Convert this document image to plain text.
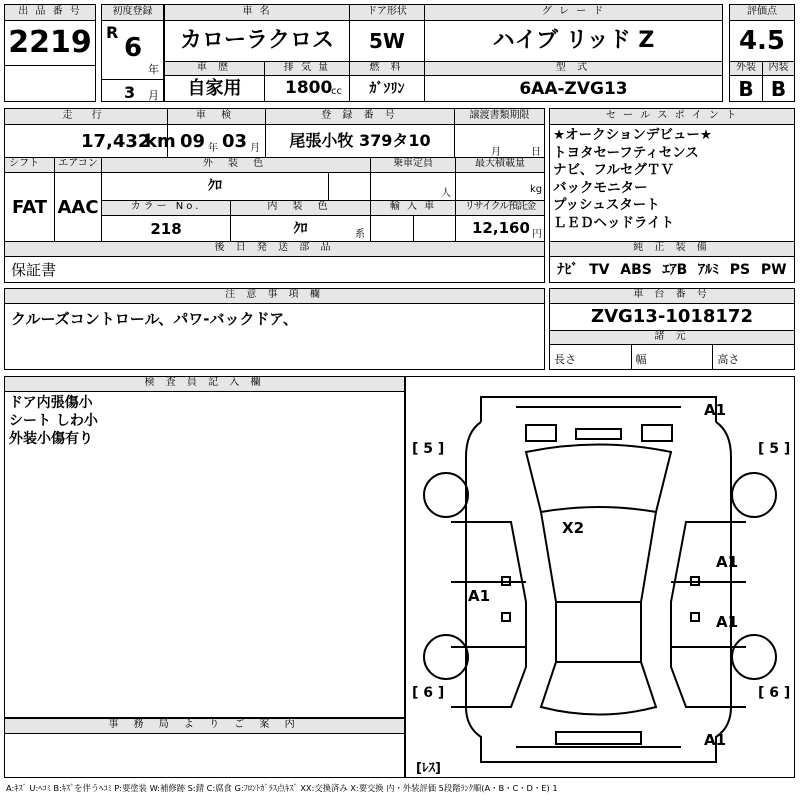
出 品 番 号
2219
初度登録
R
6
年
3 月
車 名
カローラクロス
ドア形状
5W
グ レ ー ド
ハイブ リッド Z
評価点
4.5
車 歴
自家用
排 気 量
1800
cc
燃 料
ｶﾞｿﾘﾝ
型 式
6AA-ZVG13
外装
B
内装
B
走 行
17,432
km
車 検
09 年 03 月
登 録 番 号
尾張小牧 379タ10
譲渡書類期限
月	日
シフト
FAT
エアコン
AAC
外 装 色
ｸﾛ
乗車定員
人
最大積載量
kg
カラー No.
218
内 装 色
ｸﾛ	系
輸 入 車	リサイクル預託金
12,160 円
後 日 発 送 部 品
保証書
セ ー ル ス ポ イ ン ト
★オークションデビュー★
トヨタセーフティセンス
ナビ、フルセグＴＶ
バックモニター
プッシュスタート
ＬＥＤヘッドライト
純 正 装 備
ﾅﾋﾞ TV ABS ｴｱB ｱﾙﾐ PS PW
注 意 事 項 欄
クルーズコントロール、パワ-バックドア、
車 台 番 号
ZVG13-1018172
諸 元
長さ	幅	高さ
検 査 員 記 入 欄
ドア内張傷小
シート しわ小
外装小傷有り
事 務 局 よ り ご 案 内
A1
X2
A1
A1
A1
A1
[ 5 ]	[ 5 ]
[ 6 ]	[ 6 ]
[ﾚｽ]
A:ｷｽﾞ U:ﾍｺﾐ B:ｷｽﾞを伴うﾍｺﾐ P:要塗装 W:補修跡 S:錆 C:腐食 G:ﾌﾛﾝﾄｶﾞﾗｽ点ｷｽﾞ XX:交換済み X:要交換 内・外装評価 5段階ﾗﾝｸ順(A・B・C・D・E) 1
